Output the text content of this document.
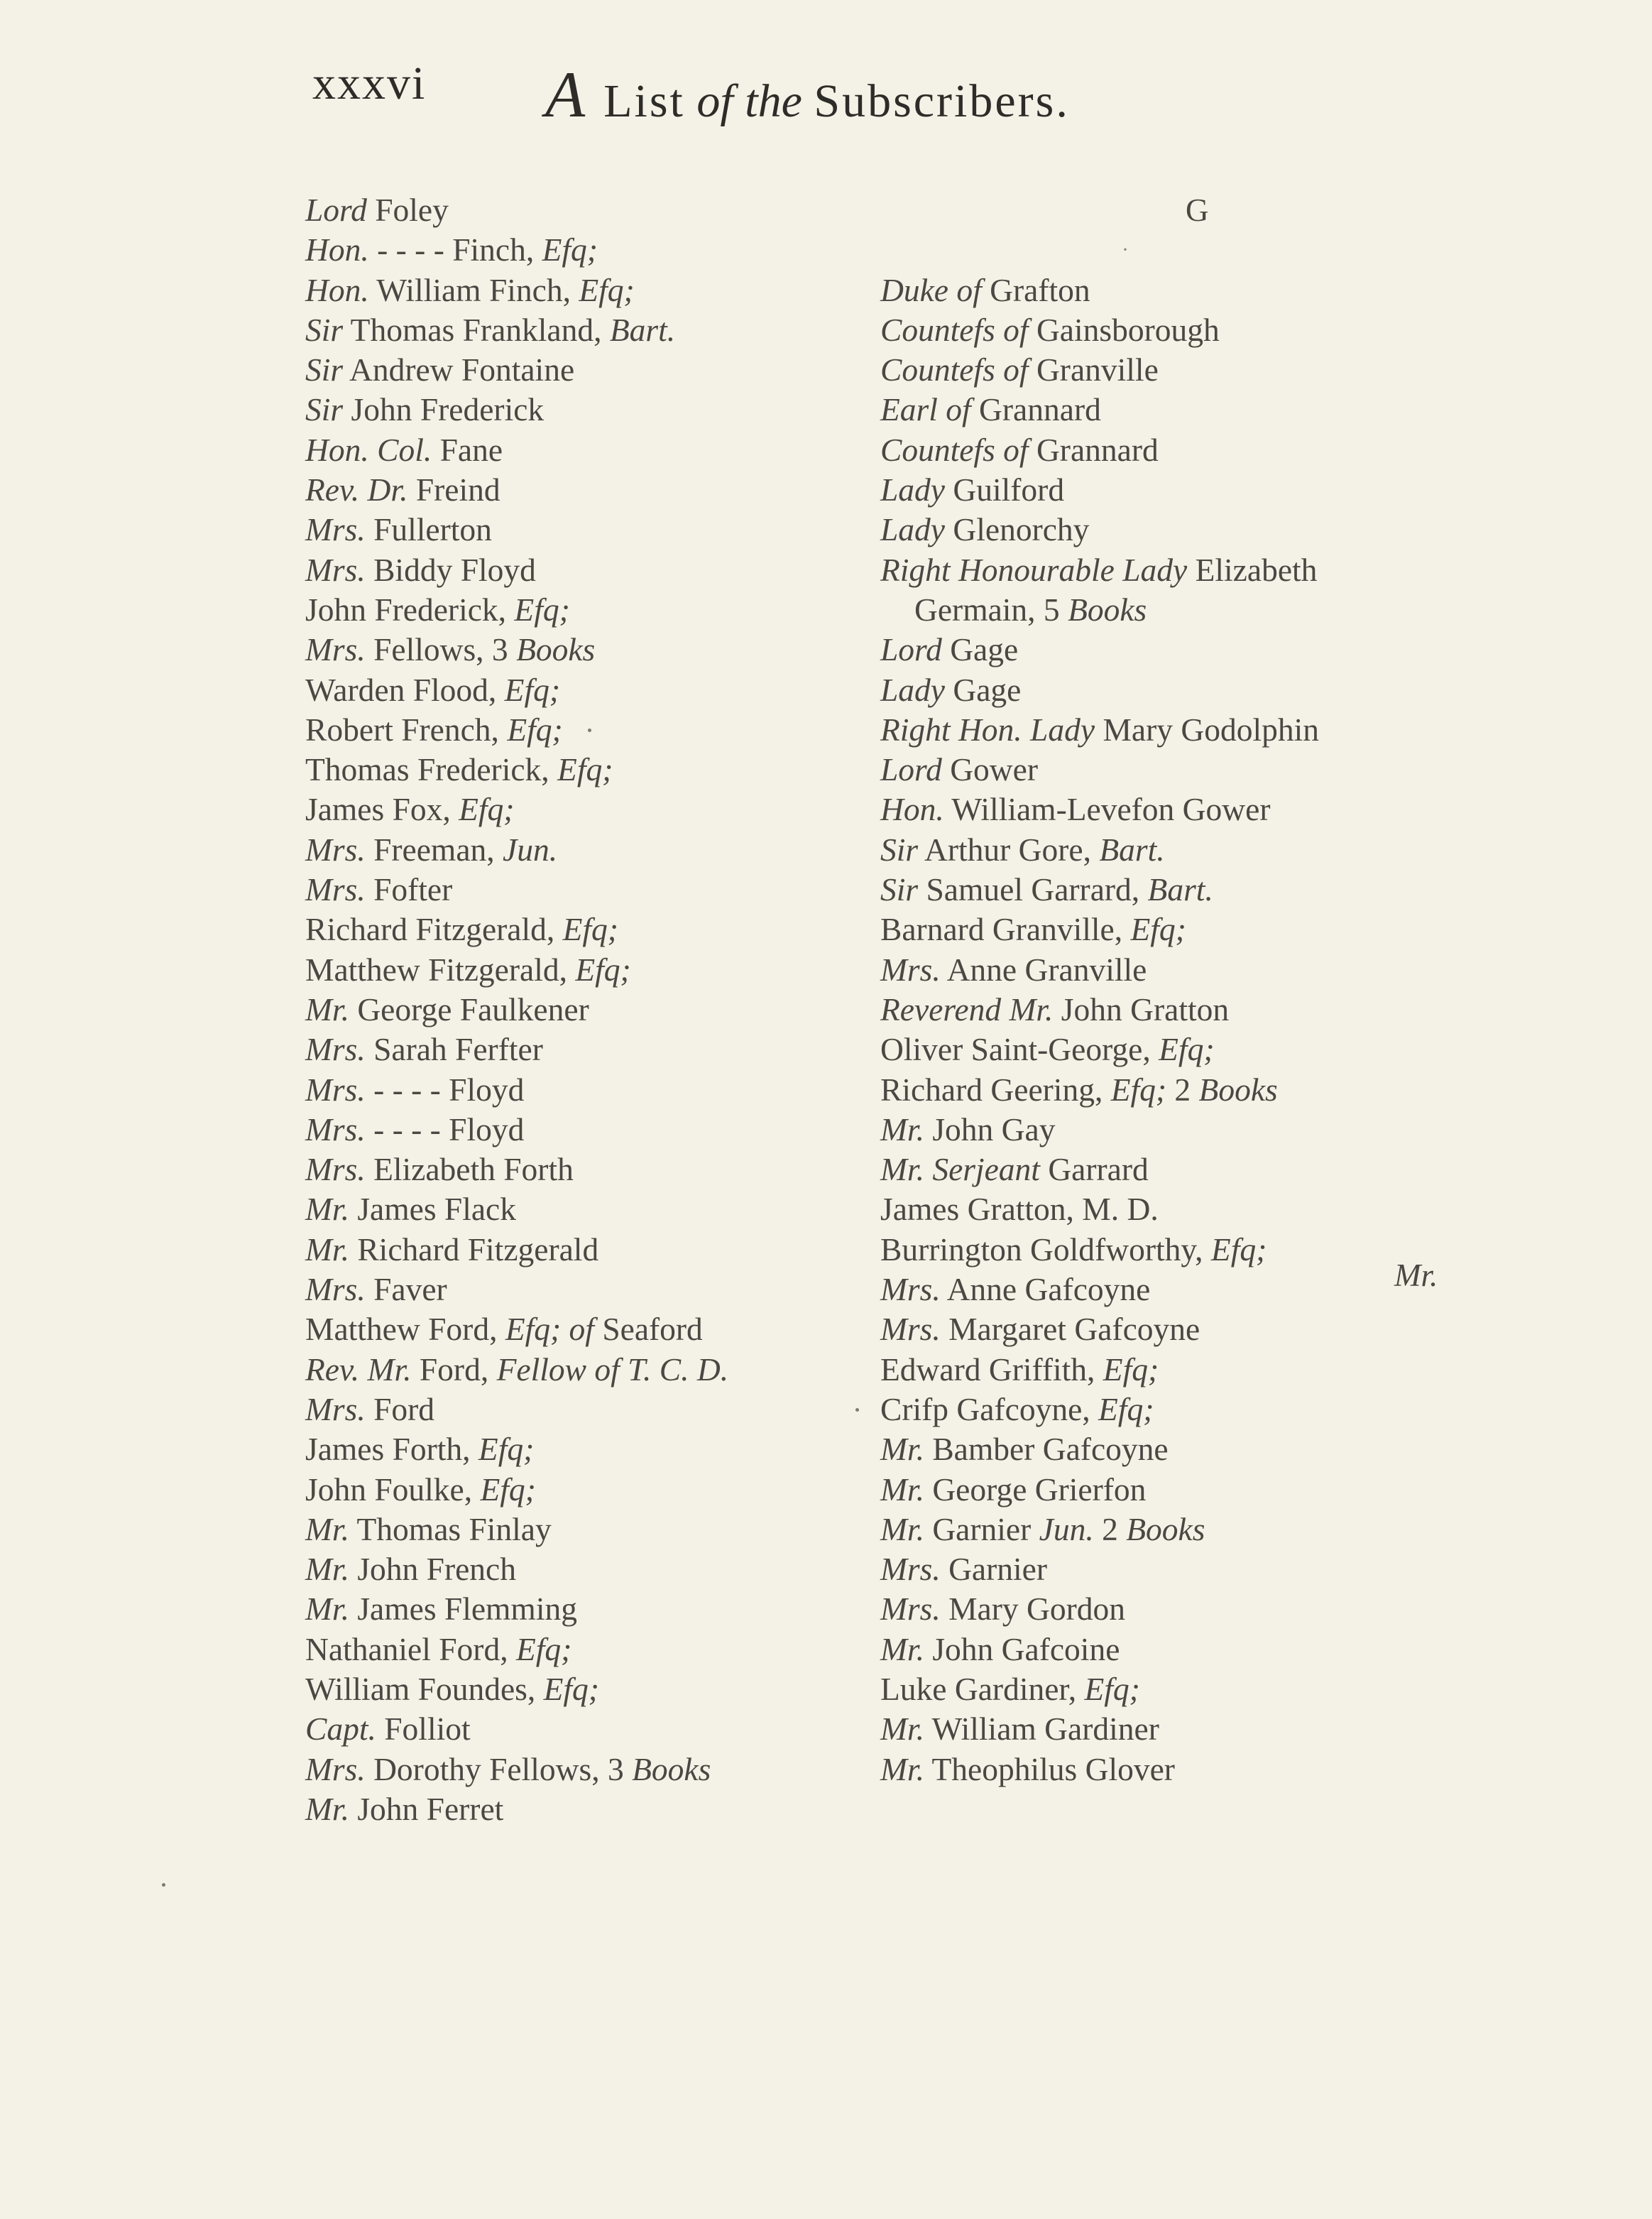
xxxvi A List of the Subscribers.
Lord Foley
Hon. - - - - Finch, Efq;
Hon. William Finch, Efq;
Sir Thomas Frankland, Bart.
Sir Andrew Fontaine
Sir John Frederick
Hon. Col. Fane
Rev. Dr. Freind
Mrs. Fullerton
Mrs. Biddy Floyd
John Frederick, Efq;
Mrs. Fellows, 3 Books
Warden Flood, Efq;
Robert French, Efq;
Thomas Frederick, Efq;
James Fox, Efq;
Mrs. Freeman, Jun.
Mrs. Fofter
Richard Fitzgerald, Efq;
Matthew Fitzgerald, Efq;
Mr. George Faulkener
Mrs. Sarah Ferfter
Mrs. - - - - Floyd
Mrs. - - - - Floyd
Mrs. Elizabeth Forth
Mr. James Flack
Mr. Richard Fitzgerald
Mrs. Faver
Matthew Ford, Efq; of Seaford
Rev. Mr. Ford, Fellow of T. C. D.
Mrs. Ford
James Forth, Efq;
John Foulke, Efq;
Mr. Thomas Finlay
Mr. John French
Mr. James Flemming
Nathaniel Ford, Efq;
William Foundes, Efq;
Capt. Folliot
Mrs. Dorothy Fellows, 3 Books
Mr. John Ferret
G
·
Duke of Grafton
Countefs of Gainsborough
Countefs of Granville
Earl of Grannard
Countefs of Grannard
Lady Guilford
Lady Glenorchy
Right Honourable Lady Elizabeth
Germain, 5 Books
Lord Gage
Lady Gage
Right Hon. Lady Mary Godolphin
Lord Gower
Hon. William-Levefon Gower
Sir Arthur Gore, Bart.
Sir Samuel Garrard, Bart.
Barnard Granville, Efq;
Mrs. Anne Granville
Reverend Mr. John Gratton
Oliver Saint-George, Efq;
Richard Geering, Efq; 2 Books
Mr. John Gay
Mr. Serjeant Garrard
James Gratton, M. D.
Burrington Goldfworthy, Efq;
Mrs. Anne Gafcoyne
Mrs. Margaret Gafcoyne
Edward Griffith, Efq;
Crifp Gafcoyne, Efq;
Mr. Bamber Gafcoyne
Mr. George Grierfon
Mr. Garnier Jun. 2 Books
Mrs. Garnier
Mrs. Mary Gordon
Mr. John Gafcoine
Luke Gardiner, Efq;
Mr. William Gardiner
Mr. Theophilus Glover
Mr.
